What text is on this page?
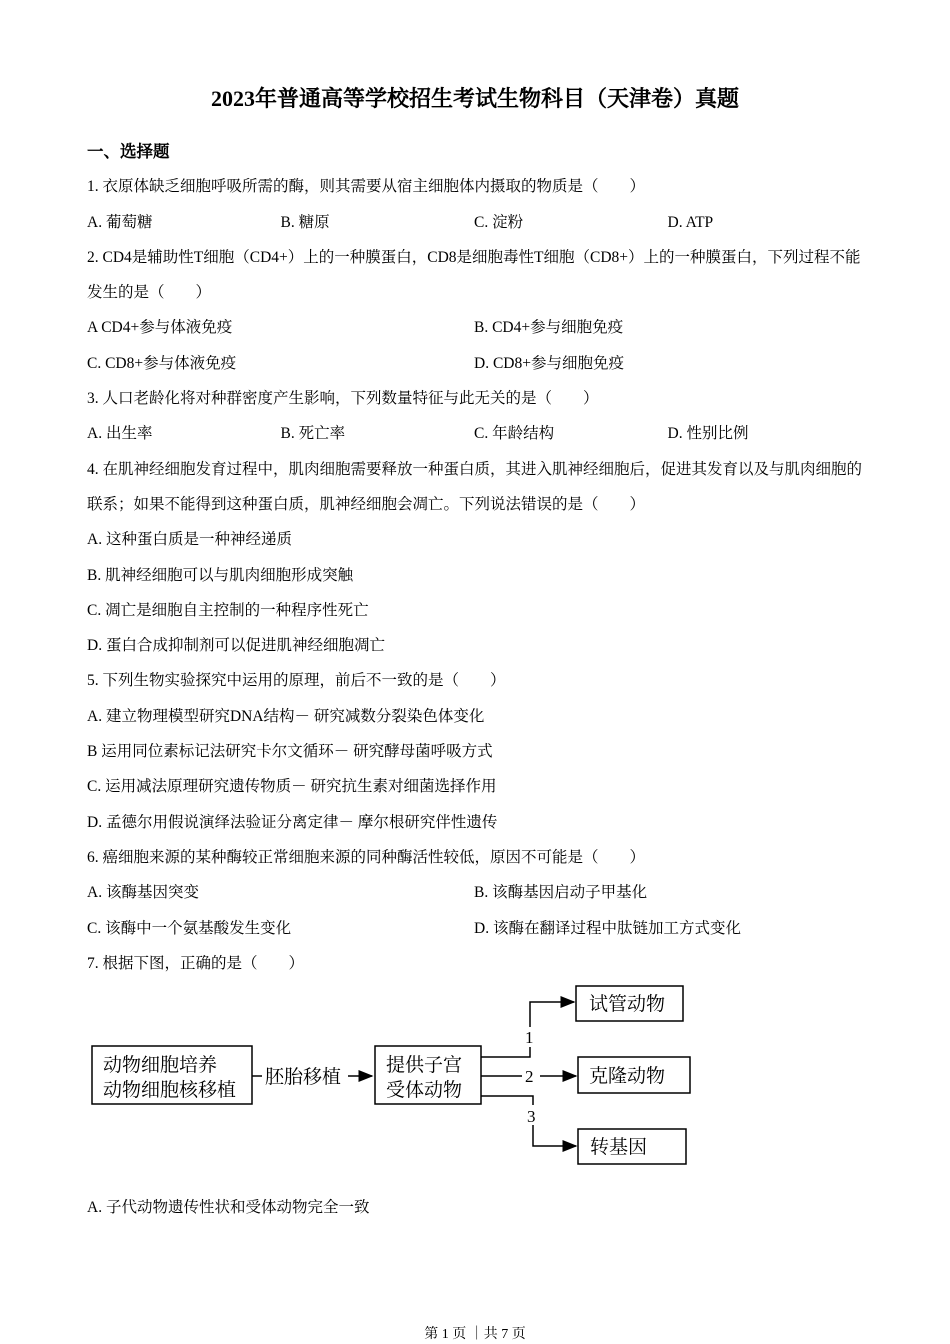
2023年普通高等学校招生考试生物科目（天津卷）真题
一、选择题
1. 衣原体缺乏细胞呼吸所需的酶，则其需要从宿主细胞体内摄取的物质是（　　）
A. 葡萄糖	B. 糖原	C. 淀粉	D. ATP
2. CD4是辅助性T细胞（CD4+）上的一种膜蛋白，CD8是细胞毒性T细胞（CD8+）上的一种膜蛋白，下列过程不能发生的是（　　）
A CD4+参与体液免疫	B. CD4+参与细胞免疫
C. CD8+参与体液免疫	D. CD8+参与细胞免疫
3. 人口老龄化将对种群密度产生影响，下列数量特征与此无关的是（　　）
A. 出生率	B. 死亡率	C. 年龄结构	D. 性别比例
4. 在肌神经细胞发育过程中，肌肉细胞需要释放一种蛋白质，其进入肌神经细胞后，促进其发育以及与肌肉细胞的联系；如果不能得到这种蛋白质，肌神经细胞会凋亡。下列说法错误的是（　　）
A. 这种蛋白质是一种神经递质
B. 肌神经细胞可以与肌肉细胞形成突触
C. 凋亡是细胞自主控制的一种程序性死亡
D. 蛋白合成抑制剂可以促进肌神经细胞凋亡
5. 下列生物实验探究中运用的原理，前后不一致的是（　　）
A. 建立物理模型研究DNA结构－ 研究减数分裂染色体变化
B 运用同位素标记法研究卡尔文循环－ 研究酵母菌呼吸方式
C. 运用减法原理研究遗传物质－ 研究抗生素对细菌选择作用
D. 孟德尔用假说演绎法验证分离定律－ 摩尔根研究伴性遗传
6. 癌细胞来源的某种酶较正常细胞来源的同种酶活性较低，原因不可能是（　　）
A. 该酶基因突变	B. 该酶基因启动子甲基化
C. 该酶中一个氨基酸发生变化	D. 该酶在翻译过程中肽链加工方式变化
7. 根据下图，正确的是（　　）
动物细胞培养
动物细胞核移植
胚胎移植
提供子宫
受体动物
1
2
3
试管动物
克隆动物
转基因
A. 子代动物遗传性状和受体动物完全一致
第 1 页 ｜共 7 页
